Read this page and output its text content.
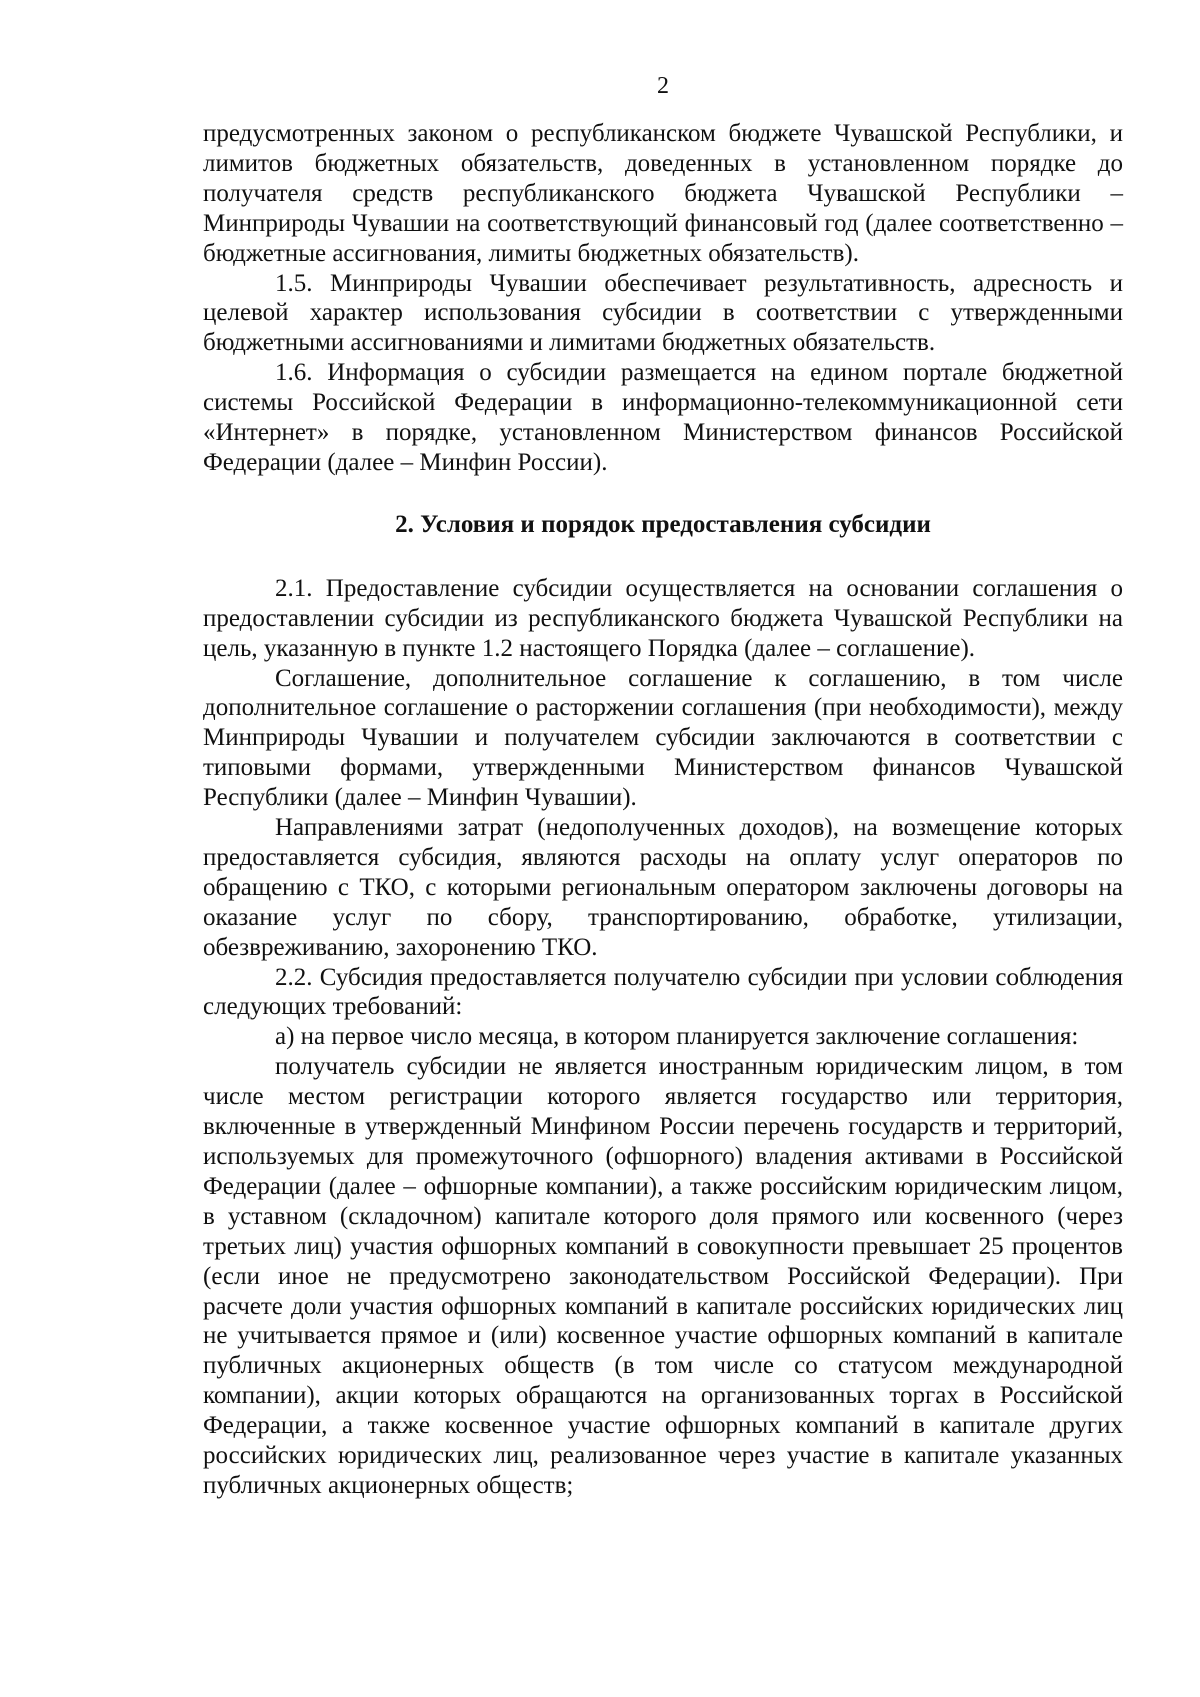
2

предусмотренных законом о республиканском бюджете Чувашской Республики, и лимитов бюджетных обязательств, доведенных в установленном порядке до получателя средств республиканского бюджета Чувашской Республики – Минприроды Чувашии на соответствующий финансовый год (далее соответственно – бюджетные ассигнования, лимиты бюджетных обязательств).

1.5. Минприроды Чувашии обеспечивает результативность, адресность и целевой характер использования субсидии в соответствии с утвержденными бюджетными ассигнованиями и лимитами бюджетных обязательств.

1.6. Информация о субсидии размещается на едином портале бюджетной системы Российской Федерации в информационно-телекоммуникационной сети «Интернет» в порядке, установленном Министерством финансов Российской Федерации (далее – Минфин России).

2. Условия и порядок предоставления субсидии

2.1. Предоставление субсидии осуществляется на основании соглашения о предоставлении субсидии из республиканского бюджета Чувашской Республики на цель, указанную в пункте 1.2 настоящего Порядка (далее – соглашение).

Соглашение, дополнительное соглашение к соглашению, в том числе дополнительное соглашение о расторжении соглашения (при необходимости), между Минприроды Чувашии и получателем субсидии заключаются в соответствии с типовыми формами, утвержденными Министерством финансов Чувашской Республики (далее – Минфин Чувашии).

Направлениями затрат (недополученных доходов), на возмещение которых предоставляется субсидия, являются расходы на оплату услуг операторов по обращению с ТКО, с которыми региональным оператором заключены договоры на оказание услуг по сбору, транспортированию, обработке, утилизации, обезвреживанию, захоронению ТКО.

2.2. Субсидия предоставляется получателю субсидии при условии соблюдения следующих требований:

а) на первое число месяца, в котором планируется заключение соглашения:

получатель субсидии не является иностранным юридическим лицом, в том числе местом регистрации которого является государство или территория, включенные в утвержденный Минфином России перечень государств и территорий, используемых для промежуточного (офшорного) владения активами в Российской Федерации (далее – офшорные компании), а также российским юридическим лицом, в уставном (складочном) капитале которого доля прямого или косвенного (через третьих лиц) участия офшорных компаний в совокупности превышает 25 процентов (если иное не предусмотрено законодательством Российской Федерации). При расчете доли участия офшорных компаний в капитале российских юридических лиц не учитывается прямое и (или) косвенное участие офшорных компаний в капитале публичных акционерных обществ (в том числе со статусом международной компании), акции которых обращаются на организованных торгах в Российской Федерации, а также косвенное участие офшорных компаний в капитале других российских юридических лиц, реализованное через участие в капитале указанных публичных акционерных обществ;
